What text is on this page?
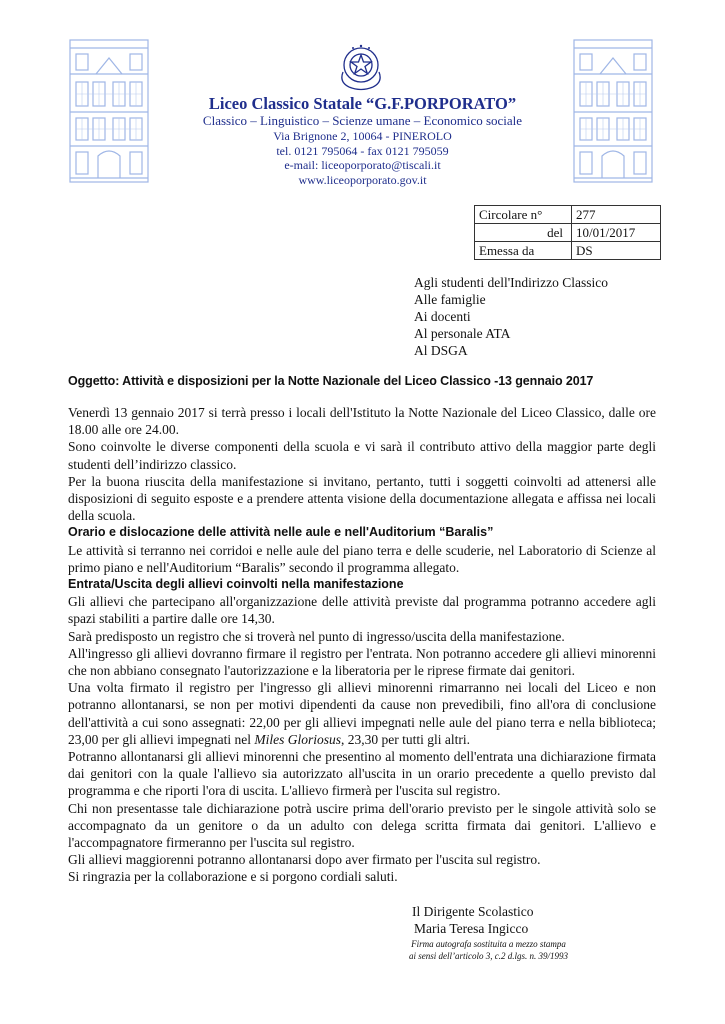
Liceo Classico Statale “G.F.PORPORATO”
Classico – Linguistico – Scienze umane – Economico sociale
Via Brignone 2, 10064 - PINEROLO
tel. 0121 795064 - fax 0121 795059
e-mail: liceoporporato@tiscali.it
www.liceoporporato.gov.it
Circolare n°	277
del	10/01/2017
Emessa da	DS
Agli studenti dell'Indirizzo Classico
Alle famiglie
Ai docenti
Al personale ATA
Al DSGA
Oggetto: Attività e disposizioni per la Notte Nazionale del Liceo Classico -13 gennaio 2017

Venerdì 13 gennaio 2017 si terrà presso i locali dell'Istituto la Notte Nazionale del Liceo Classico, dalle ore 18.00 alle ore 24.00.

Sono coinvolte le diverse componenti della scuola e vi sarà il contributo attivo della maggior parte degli studenti dell’indirizzo classico.

Per la buona riuscita della manifestazione si invitano, pertanto, tutti i soggetti coinvolti ad attenersi alle disposizioni di seguito esposte e a prendere attenta visione della documentazione allegata e affissa nei locali della scuola.

Orario e dislocazione delle attività nelle aule e nell'Auditorium “Baralis”

Le attività si terranno nei corridoi e nelle aule del piano terra e delle scuderie, nel Laboratorio di Scienze al primo piano e nell'Auditorium “Baralis” secondo il programma allegato.

Entrata/Uscita degli allievi coinvolti nella manifestazione

Gli allievi che partecipano all'organizzazione delle attività previste dal programma potranno accedere agli spazi stabiliti a partire dalle ore 14,30.

Sarà predisposto un registro che si troverà nel punto di ingresso/uscita della manifestazione.

All'ingresso gli allievi dovranno firmare il registro per l'entrata. Non potranno accedere gli allievi minorenni che non abbiano consegnato l'autorizzazione e la liberatoria per le riprese firmate dai genitori.

Una volta firmato il registro per l'ingresso gli allievi minorenni rimarranno nei locali del Liceo e non potranno allontanarsi, se non per motivi dipendenti da cause non prevedibili, fino all'ora di conclusione dell'attività a cui sono assegnati: 22,00 per gli allievi impegnati nelle aule del piano terra e nella biblioteca; 23,00 per gli allievi impegnati nel Miles Gloriosus, 23,30 per tutti gli altri.

Potranno allontanarsi gli allievi minorenni che presentino al momento dell'entrata una dichiarazione firmata dai genitori con la quale l'allievo sia autorizzato all'uscita in un orario precedente a quello previsto dal programma e che riporti l'ora di uscita. L'allievo firmerà per l'uscita sul registro.

Chi non presentasse tale dichiarazione potrà uscire prima dell'orario previsto per le singole attività solo se accompagnato da un genitore o da un adulto con delega scritta firmata dai genitori. L'allievo e l'accompagnatore firmeranno per l'uscita sul registro.

Gli allievi maggiorenni potranno allontanarsi dopo aver firmato per l'uscita sul registro.

Si ringrazia per la collaborazione e si porgono cordiali saluti.

Il Dirigente Scolastico
Maria Teresa Ingicco
Firma autografa sostituita a mezzo stampa
ai sensi dell’articolo 3, c.2 d.lgs. n. 39/1993
